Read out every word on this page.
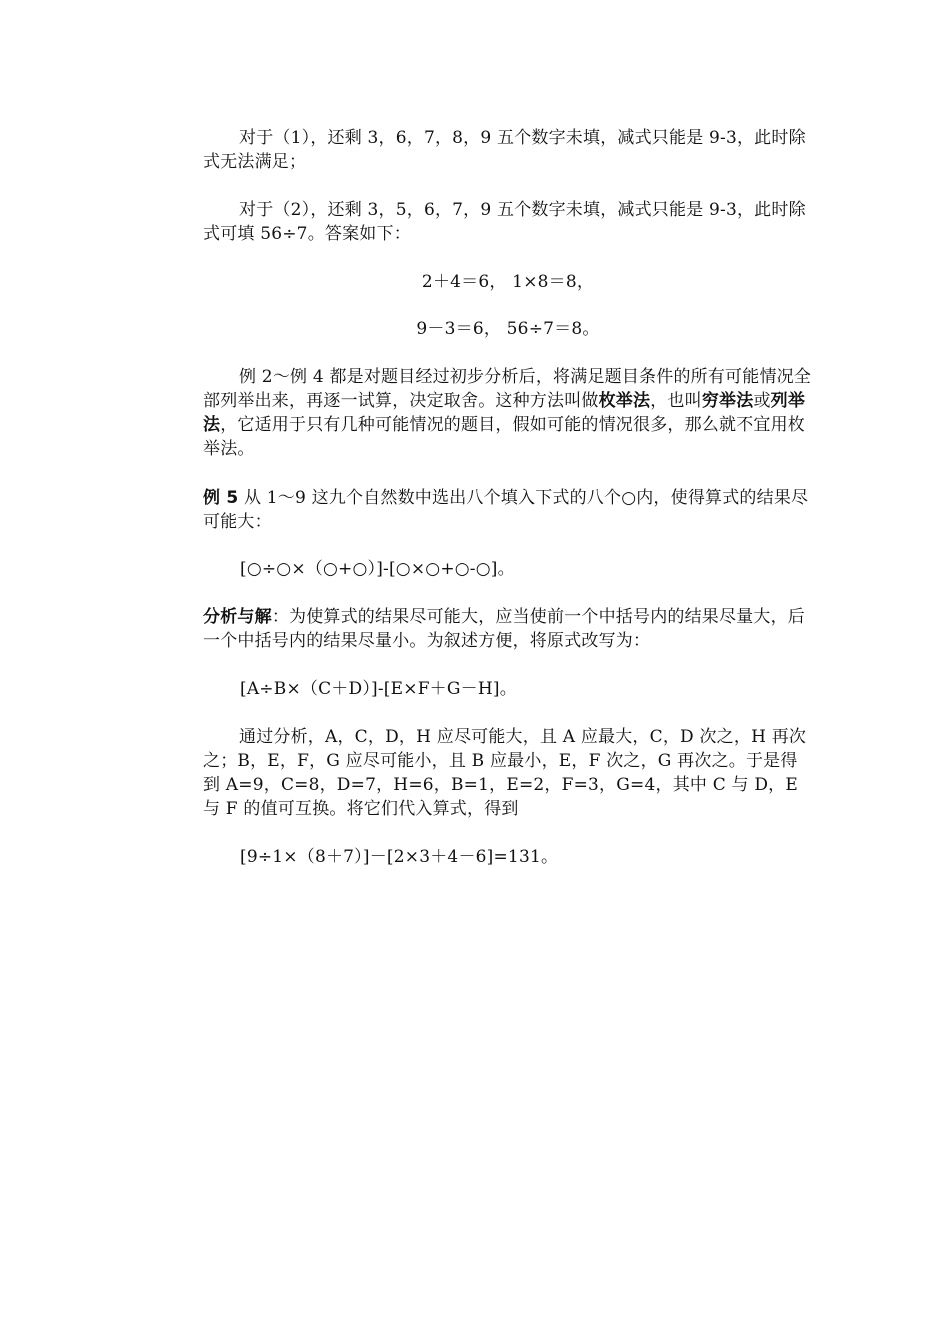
对于（1），还剩 3，6，7，8，9 五个数字未填，减式只能是 9-3，此时除式无法满足；
对于（2），还剩 3，5，6，7，9 五个数字未填，减式只能是 9-3，此时除式可填 56÷7。答案如下：
2＋4＝6， 1×8＝8，
9－3＝6， 56÷7＝8。
例 2～例 4 都是对题目经过初步分析后，将满足题目条件的所有可能情况全部列举出来，再逐一试算，决定取舍。这种方法叫做枚举法，也叫穷举法或列举法，它适用于只有几种可能情况的题目，假如可能的情况很多，那么就不宜用枚举法。
例 5 从 1～9 这九个自然数中选出八个填入下式的八个○内，使得算式的结果尽可能大：
[○÷○×（○+○）]-[○×○+○-○]。
分析与解：为使算式的结果尽可能大，应当使前一个中括号内的结果尽量大，后一个中括号内的结果尽量小。为叙述方便，将原式改写为：
[A÷B×（C＋D）]-[E×F＋G－H]。
通过分析，A，C，D，H 应尽可能大，且 A 应最大，C，D 次之，H 再次之；B，E，F，G 应尽可能小，且 B 应最小，E，F 次之，G 再次之。于是得到 A=9，C=8，D=7，H=6，B=1，E=2，F=3，G=4，其中 C 与 D，E 与 F 的值可互换。将它们代入算式，得到
[9÷1×（8＋7）]－[2×3＋4－6]=131。
